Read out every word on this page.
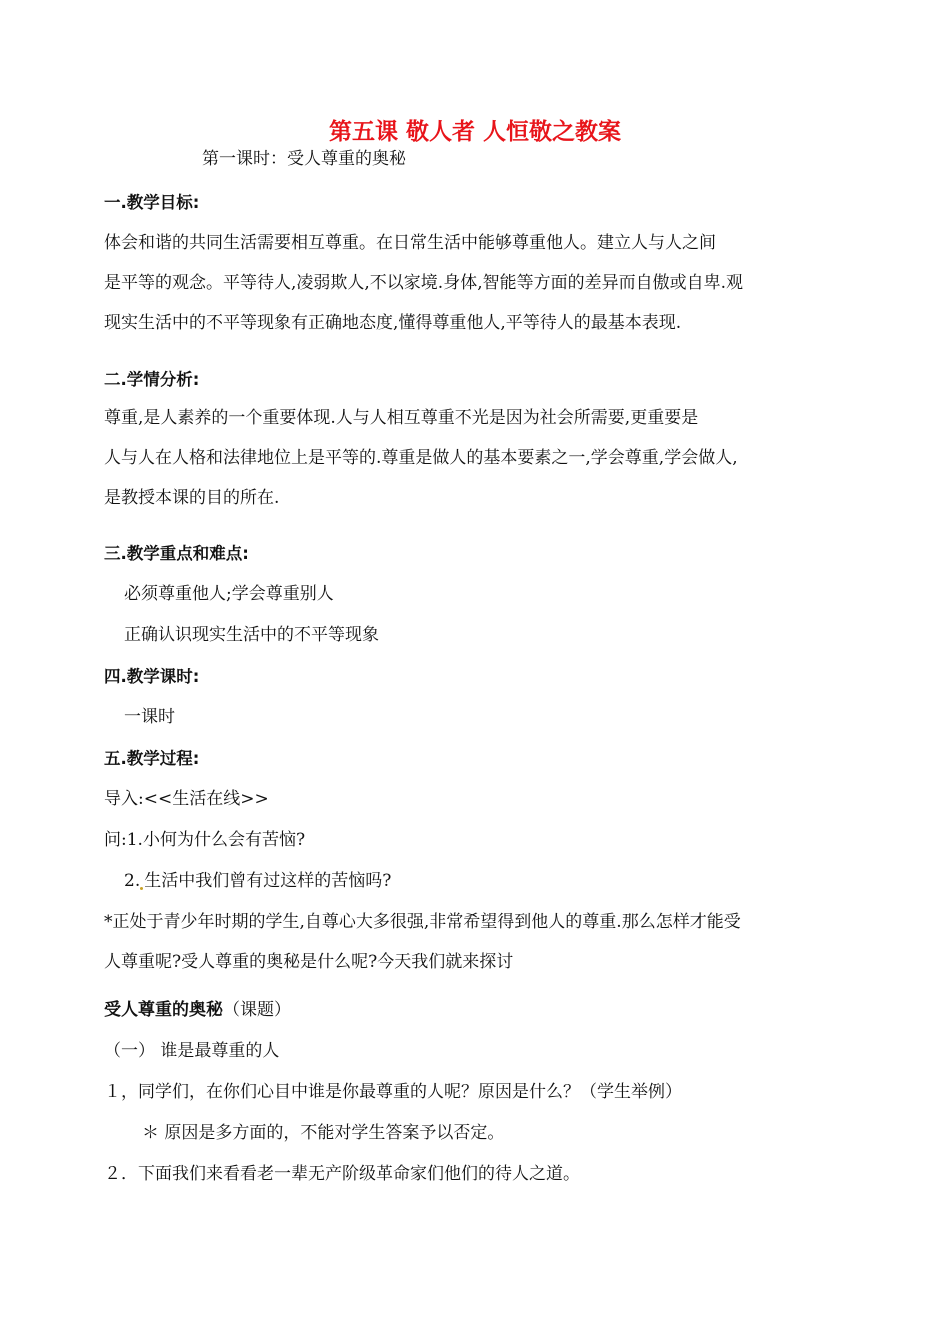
第五课 敬人者 人恒敬之教案
第一课时：受人尊重的奥秘
一.教学目标:
体会和谐的共同生活需要相互尊重。在日常生活中能够尊重他人。建立人与人之间
是平等的观念。平等待人,凌弱欺人,不以家境.身体,智能等方面的差异而自傲或自卑.观
现实生活中的不平等现象有正确地态度,懂得尊重他人,平等待人的最基本表现.
二.学情分析:
尊重,是人素养的一个重要体现.人与人相互尊重不光是因为社会所需要,更重要是
人与人在人格和法律地位上是平等的.尊重是做人的基本要素之一,学会尊重,学会做人,
是教授本课的目的所在.
三.教学重点和难点:
必须尊重他人;学会尊重别人
正确认识现实生活中的不平等现象
四.教学课时:
一课时
五.教学过程:
导入:<<生活在线>>
问:1.小何为什么会有苦恼?
2. 生活中我们曾有过这样的苦恼吗?
*正处于青少年时期的学生,自尊心大多很强,非常希望得到他人的尊重.那么怎样才能受
人尊重呢?受人尊重的奥秘是什么呢?今天我们就来探讨
受人尊重的奥秘（课题）
（一） 谁是最尊重的人
１，同学们，在你们心目中谁是你最尊重的人呢？原因是什么？（学生举例）
＊ 原因是多方面的，不能对学生答案予以否定。
２．下面我们来看看老一辈无产阶级革命家们他们的待人之道。
